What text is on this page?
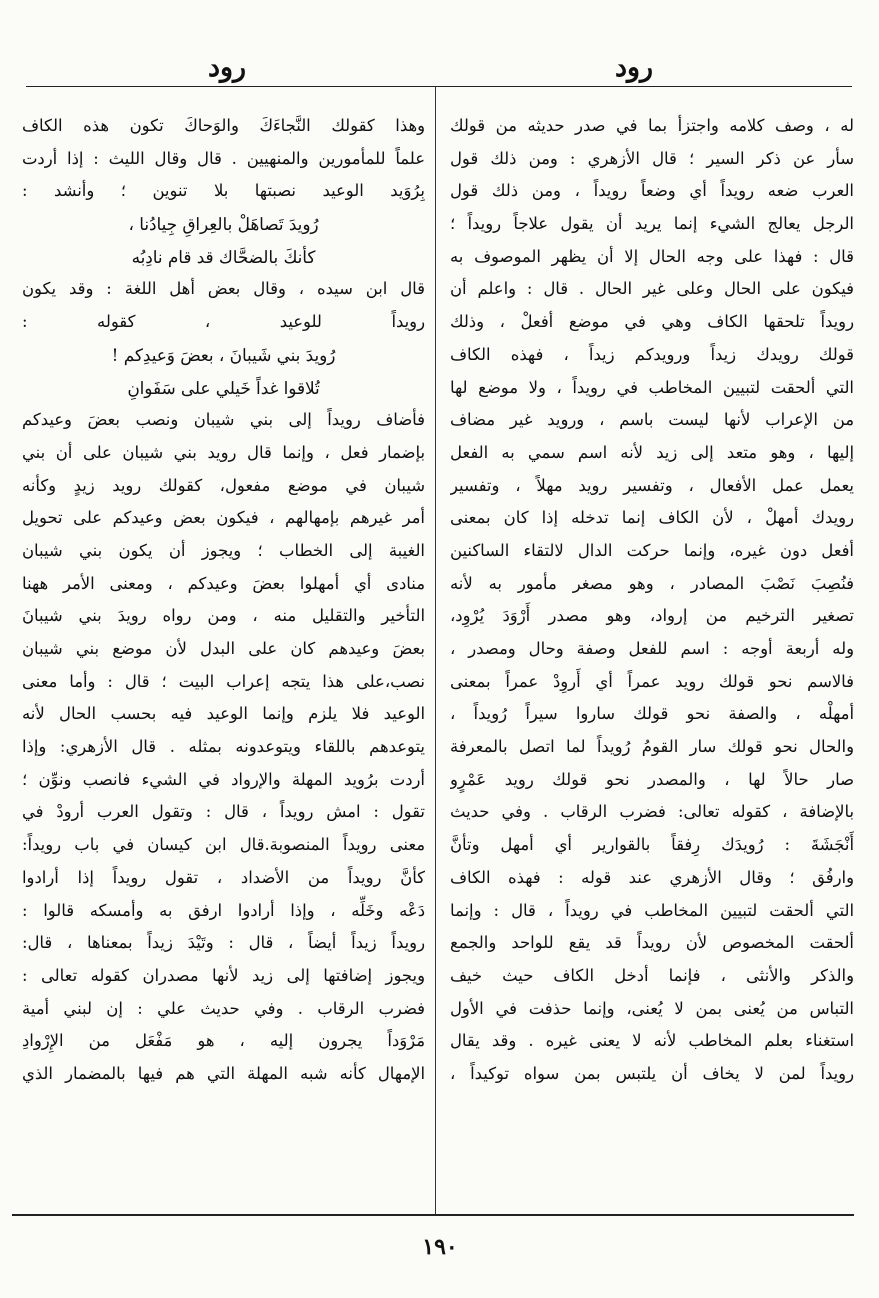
رود
رود
له ، وصف كلامه واجتزأ بما في صدر حديثه من قولك
سأر عن ذكر السير ؛ قال الأزهري : ومن ذلك قول
العرب ضعه رويداً أي وضعاً رويداً ، ومن ذلك قول
الرجل يعالج الشيء إنما يريد أن يقول علاجاً رويداً ؛
قال : فهذا على وجه الحال إلا أن يظهر الموصوف به
فيكون على الحال وعلى غير الحال . قال : واعلم أن
رويداً تلحقها الكاف وهي في موضع أفعلْ ، وذلك
قولك رويدك زيداً ورويدكم زيداً ، فهذه الكاف
التي ألحقت لتبيين المخاطب في رويداً ، ولا موضع لها
من الإعراب لأنها ليست باسم ، ورويد غير مضاف
إليها ، وهو متعد إلى زيد لأنه اسم سمي به الفعل
يعمل عمل الأفعال ، وتفسير رويد مهلاً ، وتفسير
رويدك أمهلْ ، لأن الكاف إنما تدخله إذا كان بمعنى
أفعل دون غيره، وإنما حركت الدال لالتقاء الساكنين
فنُصِبَ نَصْبَ المصادر ، وهو مصغر مأمور به لأنه
تصغير الترخيم من إرواد، وهو مصدر أَرْوَدَ يُرْوِد،
وله أربعة أوجه : اسم للفعل وصفة وحال ومصدر ،
فالاسم نحو قولك رويد عمراً أي أَروِدْ عمراً بمعنى
أمهلْه ، والصفة نحو قولك ساروا سيراً رُويداً ،
والحال نحو قولك سار القومُ رُويداً لما اتصل بالمعرفة
صار حالاً لها ، والمصدر نحو قولك رويد عَمْرٍو
بالإضافة ، كقوله تعالى: فضرب الرقاب . وفي حديث
أَنْجَشَةَ : رُويدَك رِفقاً بالقوارير أي أمهل وتأنَّ
وارفُق ؛ وقال الأزهري عند قوله : فهذه الكاف
التي ألحقت لتبيين المخاطب في رويداً ، قال : وإنما
ألحقت المخصوص لأن رويداً قد يقع للواحد والجمع
والذكر والأنثى ، فإنما أدخل الكاف حيث خيف
التباس من يُعنى بمن لا يُعنى، وإنما حذفت في الأول
استغناء بعلم المخاطب لأنه لا يعنى غيره . وقد يقال
رويداً لمن لا يخاف أن يلتبس بمن سواه توكيداً ،
وهذا كقولك النَّجاءَكَ والوَحاكَ تكون هذه الكاف
علماً للمأمورين والمنهيين . قال وقال الليث : إذا أردت
بِرُوَيد الوعيد نصبتها بلا تنوين ؛ وأنشد :
رُويدَ تَصاهَلْ بالعِراقِ جِيادُنا ،
كأنكَ بالضحَّاك قد قام نادِبُه
قال ابن سيده ، وقال بعض أهل اللغة : وقد يكون
رويداً للوعيد ، كقوله :
رُويدَ بني شَيبانَ ، بعضَ وَعيدِكم !
تُلاقوا غداً خَيلي على سَفَوانِ
فأضاف رويداً إلى بني شيبان ونصب بعضَ وعيدكم
بإضمار فعل ، وإنما قال رويد بني شيبان على أن بني
شيبان في موضع مفعول، كقولك رويد زيدٍ وكأنه
أمر غيرهم بإمهالهم ، فيكون بعض وعيدكم على تحويل
الغيبة إلى الخطاب ؛ ويجوز أن يكون بني شيبان
منادى أي أمهلوا بعضَ وعيدكم ، ومعنى الأمر ههنا
التأخير والتقليل منه ، ومن رواه رويدَ بني شيبانَ
بعضَ وعيدهم كان على البدل لأن موضع بني شيبان
نصب،على هذا يتجه إعراب البيت ؛ قال : وأما معنى
الوعيد فلا يلزم وإنما الوعيد فيه بحسب الحال لأنه
يتوعدهم باللقاء ويتوعدونه بمثله . قال الأزهري: وإذا
أردت برُويد المهلة والإرواد في الشيء فانصب ونوِّن ؛
تقول : امش رويداً ، قال : وتقول العرب أرودْ في
معنى رويداً المنصوبة.قال ابن كيسان في باب رويداً:
كأنَّ رويداً من الأضداد ، تقول رويداً إذا أرادوا
دَعْه وخَلِّه ، وإذا أرادوا ارفق به وأمسكه قالوا :
رويداً زيداً أيضاً ، قال : وتَيْدَ زيداً بمعناها ، قال:
ويجوز إضافتها إلى زيد لأنها مصدران كقوله تعالى :
فضرب الرقاب . وفي حديث علي : إن لبني أمية
مَرْوَداً يجرون إليه ، هو مَفْعَل من الإِرْوادِ
الإمهال كأنه شبه المهلة التي هم فيها بالمضمار الذي
١٩٠
